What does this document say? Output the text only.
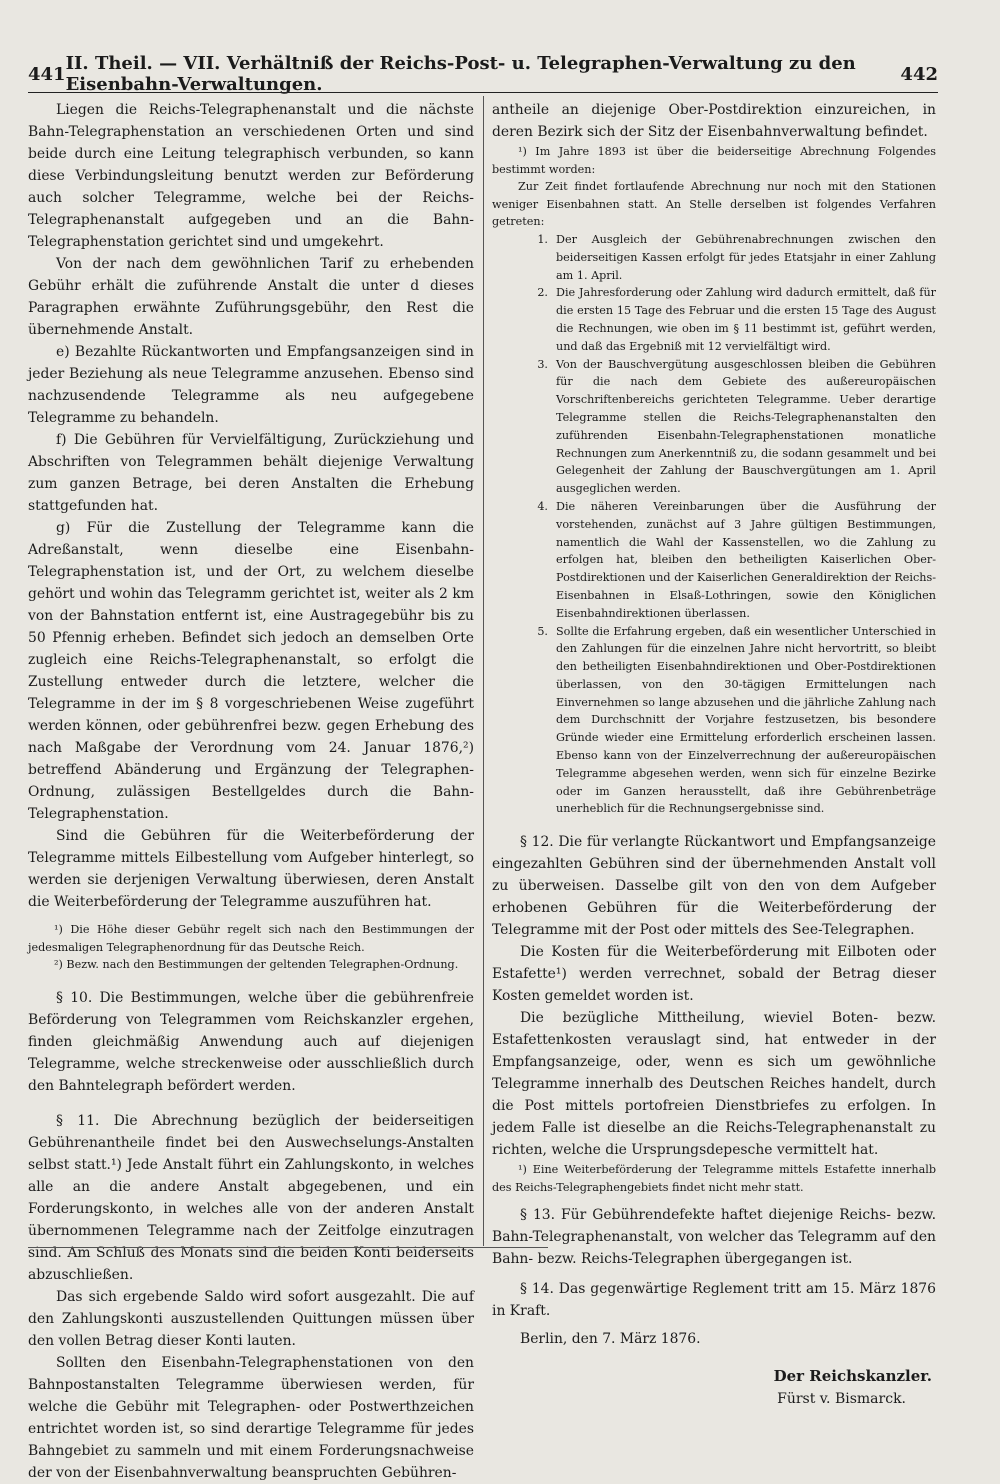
441 II. Theil. — VII. Verhältniß der Reichs-Post- u. Telegraphen-Verwaltung zu den Eisenbahn-Verwaltungen.	442

Liegen die Reichs-Telegraphenanstalt und die nächste Bahn-Telegraphenstation an verschiedenen Orten und sind beide durch eine Leitung telegraphisch verbunden, so kann diese Verbindungsleitung benutzt werden zur Beförderung auch solcher Telegramme, welche bei der Reichs-Telegraphenanstalt aufgegeben und an die Bahn-Telegraphenstation gerichtet sind und umgekehrt.

Von der nach dem gewöhnlichen Tarif zu erhebenden Gebühr erhält die zuführende Anstalt die unter d dieses Paragraphen erwähnte Zuführungsgebühr, den Rest die übernehmende Anstalt.

e) Bezahlte Rückantworten und Empfangsanzeigen sind in jeder Beziehung als neue Telegramme anzusehen. Ebenso sind nachzusendende Telegramme als neu aufgegebene Telegramme zu behandeln.

f) Die Gebühren für Vervielfältigung, Zurückziehung und Abschriften von Telegrammen behält diejenige Verwaltung zum ganzen Betrage, bei deren Anstalten die Erhebung stattgefunden hat.

g) Für die Zustellung der Telegramme kann die Adreßanstalt, wenn dieselbe eine Eisenbahn-Telegraphenstation ist, und der Ort, zu welchem dieselbe gehört und wohin das Telegramm gerichtet ist, weiter als 2 km von der Bahnstation entfernt ist, eine Austragegebühr bis zu 50 Pfennig erheben. Befindet sich jedoch an demselben Orte zugleich eine Reichs-Telegraphenanstalt, so erfolgt die Zustellung entweder durch die letztere, welcher die Telegramme in der im § 8 vorgeschriebenen Weise zugeführt werden können, oder gebührenfrei bezw. gegen Erhebung des nach Maßgabe der Verordnung vom 24. Januar 1876,²) betreffend Abänderung und Ergänzung der Telegraphen-Ordnung, zulässigen Bestellgeldes durch die Bahn-Telegraphenstation.

Sind die Gebühren für die Weiterbeförderung der Telegramme mittels Eilbestellung vom Aufgeber hinterlegt, so werden sie derjenigen Verwaltung überwiesen, deren Anstalt die Weiterbeförderung der Telegramme auszuführen hat.

¹) Die Höhe dieser Gebühr regelt sich nach den Bestimmungen der jedesmaligen Telegraphenordnung für das Deutsche Reich.

²) Bezw. nach den Bestimmungen der geltenden Telegraphen-Ordnung.

§ 10. Die Bestimmungen, welche über die gebührenfreie Beförderung von Telegrammen vom Reichskanzler ergehen, finden gleichmäßig Anwendung auch auf diejenigen Telegramme, welche streckenweise oder ausschließlich durch den Bahntelegraph befördert werden.

§ 11. Die Abrechnung bezüglich der beiderseitigen Gebührenantheile findet bei den Auswechselungs-Anstalten selbst statt.¹) Jede Anstalt führt ein Zahlungskonto, in welches alle an die andere Anstalt abgegebenen, und ein Forderungskonto, in welches alle von der anderen Anstalt übernommenen Telegramme nach der Zeitfolge einzutragen sind. Am Schluß des Monats sind die beiden Konti beiderseits abzuschließen.

Das sich ergebende Saldo wird sofort ausgezahlt. Die auf den Zahlungskonti auszustellenden Quittungen müssen über den vollen Betrag dieser Konti lauten.

Sollten den Eisenbahn-Telegraphenstationen von den Bahnpostanstalten Telegramme überwiesen werden, für welche die Gebühr mit Telegraphen- oder Postwerthzeichen entrichtet worden ist, so sind derartige Telegramme für jedes Bahngebiet zu sammeln und mit einem Forderungsnachweise der von der Eisenbahnverwaltung beanspruchten Gebühren-

antheile an diejenige Ober-Postdirektion einzureichen, in deren Bezirk sich der Sitz der Eisenbahnverwaltung befindet.

¹) Im Jahre 1893 ist über die beiderseitige Abrechnung Folgendes bestimmt worden:

Zur Zeit findet fortlaufende Abrechnung nur noch mit den Stationen weniger Eisenbahnen statt. An Stelle derselben ist folgendes Verfahren getreten:

1. Der Ausgleich der Gebührenabrechnungen zwischen den beiderseitigen Kassen erfolgt für jedes Etatsjahr in einer Zahlung am 1. April.
2. Die Jahresforderung oder Zahlung wird dadurch ermittelt, daß für die ersten 15 Tage des Februar und die ersten 15 Tage des August die Rechnungen, wie oben im § 11 bestimmt ist, geführt werden, und daß das Ergebniß mit 12 vervielfältigt wird.
3. Von der Bauschvergütung ausgeschlossen bleiben die Gebühren für die nach dem Gebiete des außereuropäischen Vorschriftenbereichs gerichteten Telegramme. Ueber derartige Telegramme stellen die Reichs-Telegraphenanstalten den zuführenden Eisenbahn-Telegraphenstationen monatliche Rechnungen zum Anerkenntniß zu, die sodann gesammelt und bei Gelegenheit der Zahlung der Bauschvergütungen am 1. April ausgeglichen werden.
4. Die näheren Vereinbarungen über die Ausführung der vorstehenden, zunächst auf 3 Jahre gültigen Bestimmungen, namentlich die Wahl der Kassenstellen, wo die Zahlung zu erfolgen hat, bleiben den betheiligten Kaiserlichen Ober-Postdirektionen und der Kaiserlichen Generaldirektion der Reichs-Eisenbahnen in Elsaß-Lothringen, sowie den Königlichen Eisenbahndirektionen überlassen.
5. Sollte die Erfahrung ergeben, daß ein wesentlicher Unterschied in den Zahlungen für die einzelnen Jahre nicht hervortritt, so bleibt den betheiligten Eisenbahndirektionen und Ober-Postdirektionen überlassen, von den 30-tägigen Ermittelungen nach Einvernehmen so lange abzusehen und die jährliche Zahlung nach dem Durchschnitt der Vorjahre festzusetzen, bis besondere Gründe wieder eine Ermittelung erforderlich erscheinen lassen. Ebenso kann von der Einzelverrechnung der außereuropäischen Telegramme abgesehen werden, wenn sich für einzelne Bezirke oder im Ganzen herausstellt, daß ihre Gebührenbeträge unerheblich für die Rechnungsergebnisse sind.

§ 12. Die für verlangte Rückantwort und Empfangsanzeige eingezahlten Gebühren sind der übernehmenden Anstalt voll zu überweisen. Dasselbe gilt von den von dem Aufgeber erhobenen Gebühren für die Weiterbeförderung der Telegramme mit der Post oder mittels des See-Telegraphen.

Die Kosten für die Weiterbeförderung mit Eilboten oder Estafette¹) werden verrechnet, sobald der Betrag dieser Kosten gemeldet worden ist.

Die bezügliche Mittheilung, wieviel Boten- bezw. Estafettenkosten verauslagt sind, hat entweder in der Empfangsanzeige, oder, wenn es sich um gewöhnliche Telegramme innerhalb des Deutschen Reiches handelt, durch die Post mittels portofreien Dienstbriefes zu erfolgen. In jedem Falle ist dieselbe an die Reichs-Telegraphenanstalt zu richten, welche die Ursprungsdepesche vermittelt hat.

¹) Eine Weiterbeförderung der Telegramme mittels Estafette innerhalb des Reichs-Telegraphengebiets findet nicht mehr statt.

§ 13. Für Gebührendefekte haftet diejenige Reichs- bezw. Bahn-Telegraphenanstalt, von welcher das Telegramm auf den Bahn- bezw. Reichs-Telegraphen übergegangen ist.

§ 14. Das gegenwärtige Reglement tritt am 15. März 1876 in Kraft.

Berlin, den 7. März 1876.

Der Reichskanzler.
Fürst v. Bismarck.
